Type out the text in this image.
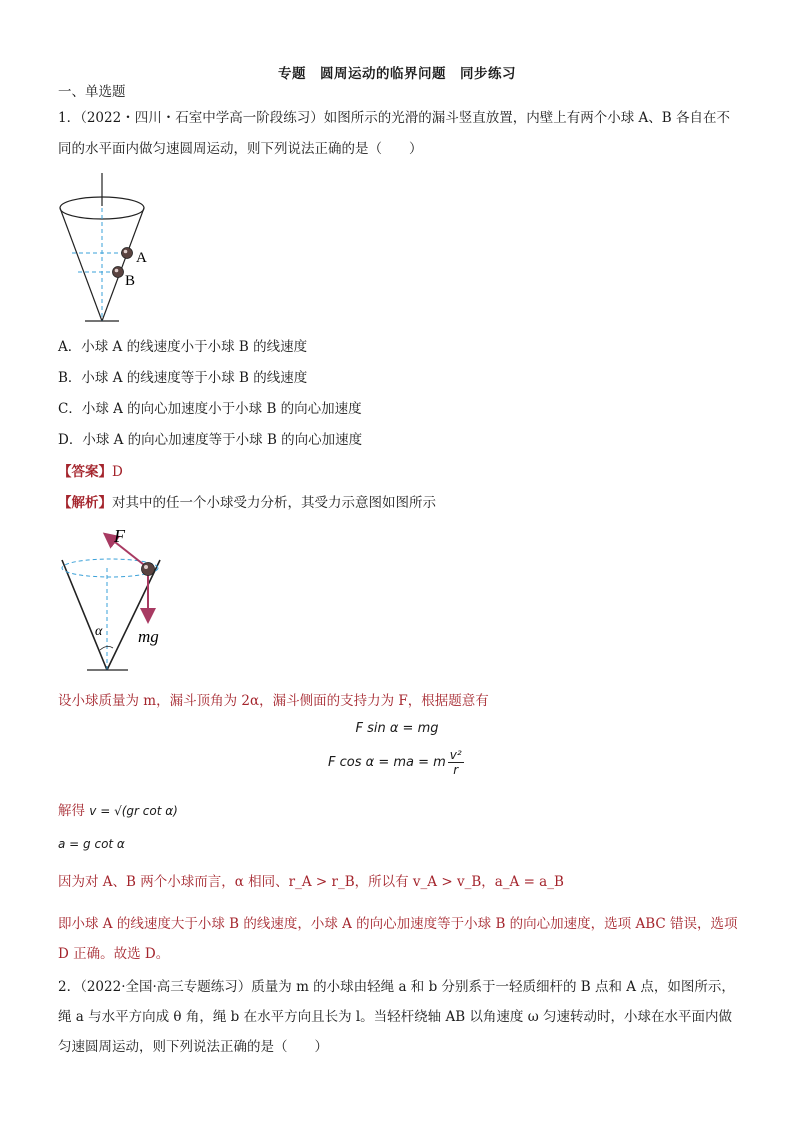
专题　圆周运动的临界问题　同步练习
一、单选题
1．（2022・四川・石室中学高一阶段练习）如图所示的光滑的漏斗竖直放置，内壁上有两个小球 A、B 各自在不
同的水平面内做匀速圆周运动，则下列说法正确的是（　　）
A
B
A．小球 A 的线速度小于小球 B 的线速度
B．小球 A 的线速度等于小球 B 的线速度
C．小球 A 的向心加速度小于小球 B 的向心加速度
D．小球 A 的向心加速度等于小球 B 的向心加速度
【答案】D
【解析】对其中的任一个小球受力分析，其受力示意图如图所示
F
mg
α
设小球质量为 m，漏斗顶角为 2α，漏斗侧面的支持力为 F，根据题意有
F sin α = mg
F cos α = ma = m $\frac{\text{v²}}{r}$
解得 v = √(gr cot α)
a = g cot α
因为对 A、B 两个小球而言，α 相同、r_A > r_B，所以有 v_A > v_B，a_A = a_B
即小球 A 的线速度大于小球 B 的线速度，小球 A 的向心加速度等于小球 B 的向心加速度，选项 ABC 错误，选项 D 正确。故选 D。
2．（2022·全国·高三专题练习）质量为 m 的小球由轻绳 a 和 b 分别系于一轻质细杆的 B 点和 A 点，如图所示，
绳 a 与水平方向成 θ 角，绳 b 在水平方向且长为 l。当轻杆绕轴 AB 以角速度 ω 匀速转动时，小球在水平面内做
匀速圆周运动，则下列说法正确的是（　　）
